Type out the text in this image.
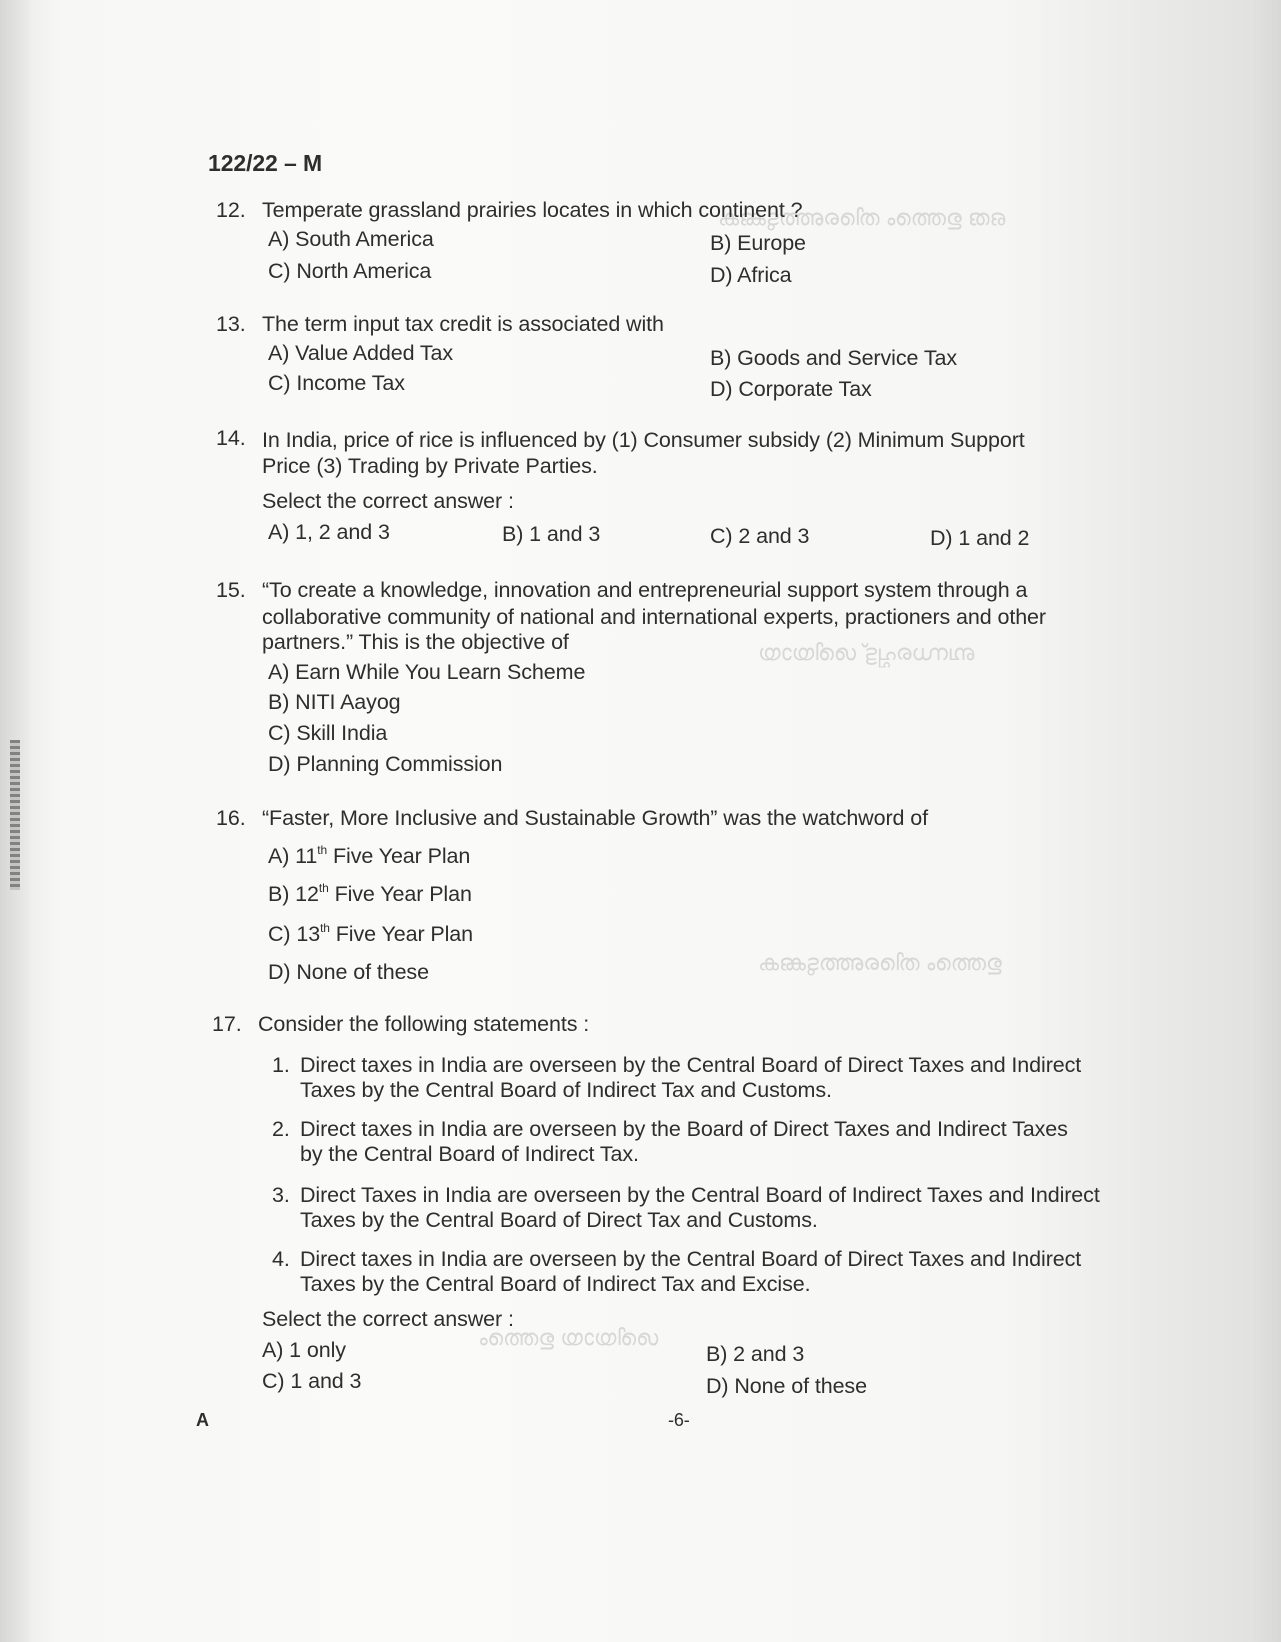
ഒരു ഉത്തരം തിരഞ്ഞെടുക്കുക
ബന്ധപ്പെട്ട് ശരിയായ
ഉത്തരം തിരഞ്ഞെടുക്കുക
ശരിയായ ഉത്തരം
122/22 – M
12. Temperate grassland prairies locates in which continent ?
A) South America	B) Europe
C) North America	D) Africa
13. The term input tax credit is associated with
A) Value Added Tax	B) Goods and Service Tax
C) Income Tax	D) Corporate Tax
14. In India, price of rice is influenced by (1) Consumer subsidy (2) Minimum Support
Price (3) Trading by Private Parties.
Select the correct answer :
A) 1, 2 and 3	B) 1 and 3	C) 2 and 3	D) 1 and 2
15. “To create a knowledge, innovation and entrepreneurial support system through a
collaborative community of national and international experts, practioners and other
partners.” This is the objective of
A) Earn While You Learn Scheme
B) NITI Aayog
C) Skill India
D) Planning Commission
16. “Faster, More Inclusive and Sustainable Growth” was the watchword of
A) 11th Five Year Plan
B) 12th Five Year Plan
C) 13th Five Year Plan
D) None of these
17. Consider the following statements :
1. Direct taxes in India are overseen by the Central Board of Direct Taxes and Indirect
Taxes by the Central Board of Indirect Tax and Customs.
2. Direct taxes in India are overseen by the Board of Direct Taxes and Indirect Taxes
by the Central Board of Indirect Tax.
3. Direct Taxes in India are overseen by the Central Board of Indirect Taxes and Indirect
Taxes by the Central Board of Direct Tax and Customs.
4. Direct taxes in India are overseen by the Central Board of Direct Taxes and Indirect
Taxes by the Central Board of Indirect Tax and Excise.
Select the correct answer :
A) 1 only	B) 2 and 3
C) 1 and 3	D) None of these
A	-6-
